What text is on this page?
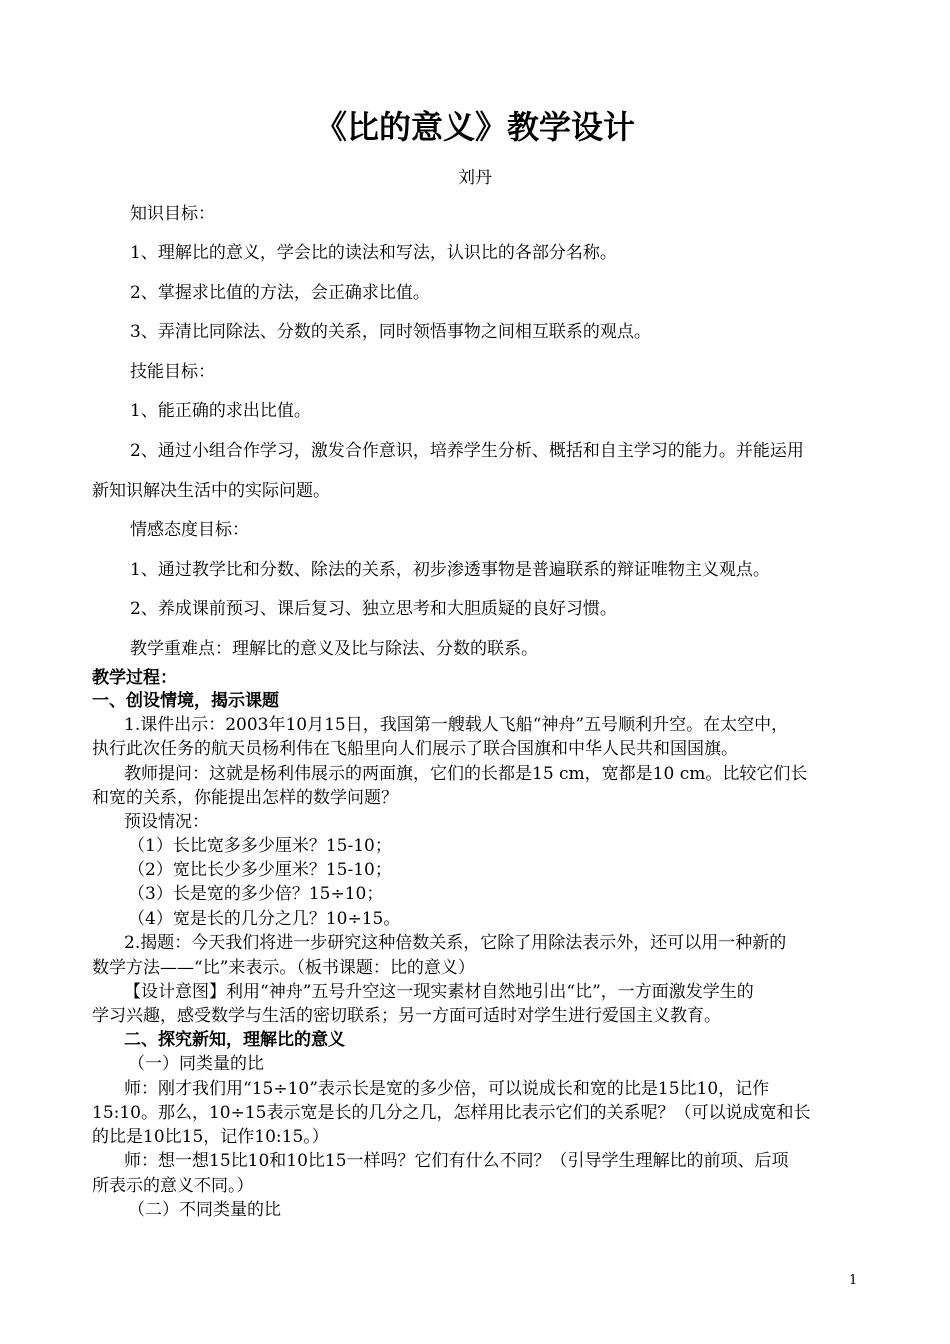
《比的意义》教学设计
刘丹
知识目标：
1、理解比的意义，学会比的读法和写法，认识比的各部分名称。
2、掌握求比值的方法，会正确求比值。
3、弄清比同除法、分数的关系，同时领悟事物之间相互联系的观点。
技能目标：
1、能正确的求出比值。
2、通过小组合作学习，激发合作意识，培养学生分析、概括和自主学习的能力。并能运用
新知识解决生活中的实际问题。
情感态度目标：
1、通过教学比和分数、除法的关系，初步渗透事物是普遍联系的辩证唯物主义观点。
2、养成课前预习、课后复习、独立思考和大胆质疑的良好习惯。
教学重难点：理解比的意义及比与除法、分数的联系。
教学过程：
一、创设情境，揭示课题
1.课件出示：2003年10月15日，我国第一艘载人飞船“神舟”五号顺利升空。在太空中，
执行此次任务的航天员杨利伟在飞船里向人们展示了联合国旗和中华人民共和国国旗。
教师提问：这就是杨利伟展示的两面旗，它们的长都是15 cm，宽都是10 cm。比较它们长
和宽的关系，你能提出怎样的数学问题？
预设情况：
（1）长比宽多多少厘米？15-10；
（2）宽比长少多少厘米？15-10；
（3）长是宽的多少倍？15÷10；
（4）宽是长的几分之几？10÷15。
2.揭题：今天我们将进一步研究这种倍数关系，它除了用除法表示外，还可以用一种新的
数学方法——“比”来表示。（板书课题：比的意义）
【设计意图】利用“神舟”五号升空这一现实素材自然地引出“比”，一方面激发学生的
学习兴趣，感受数学与生活的密切联系；另一方面可适时对学生进行爱国主义教育。
二、探究新知，理解比的意义
（一）同类量的比
师：刚才我们用“15÷10”表示长是宽的多少倍，可以说成长和宽的比是15比10，记作
15:10。那么，10÷15表示宽是长的几分之几，怎样用比表示它们的关系呢？（可以说成宽和长
的比是10比15，记作10:15。）
师：想一想15比10和10比15一样吗？它们有什么不同？（引导学生理解比的前项、后项
所表示的意义不同。）
（二）不同类量的比
1
